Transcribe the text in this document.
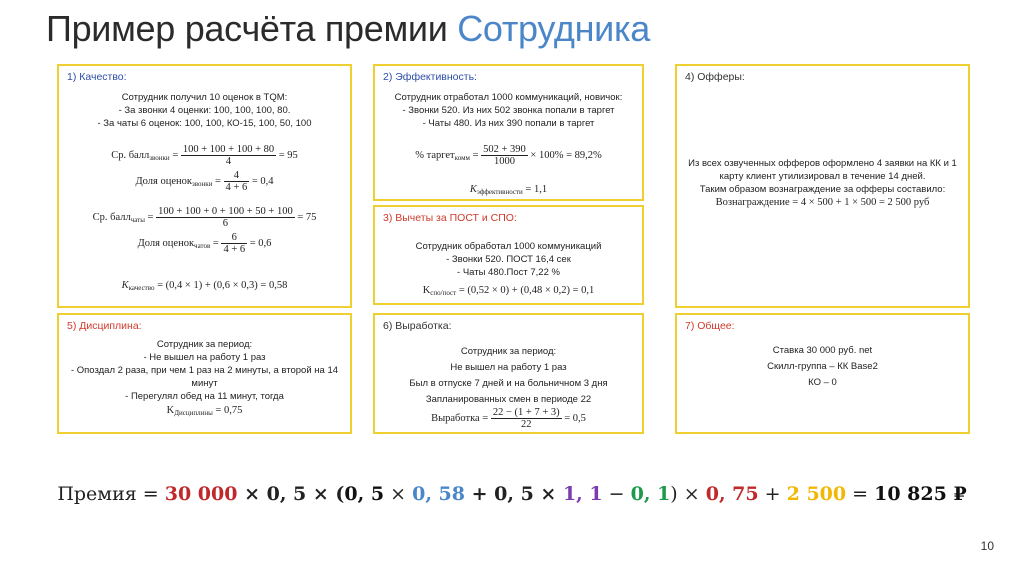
Пример расчёта премии Сотрудника
1) Качество:
Сотрудник получил 10 оценок в TQM:
- За звонки 4 оценки: 100, 100, 100, 80.
- За чаты 6 оценок: 100, 100, КО-15, 100, 50, 100
Ср. балл$_{звонки}$ = $\frac{100 + 100 + 100 + 80}{4} = 95$
Доля оценок$_{звонки}$ = $\frac{4}{4 + 6} = 0,4$
Ср. балл$_{чаты}$ = $\frac{100 + 100 + 0 + 100 + 50 + 100}{6} = 75$
Доля оценок$_{чатов}$ = $\frac{6}{4 + 6} = 0,6$
$K_{качество} = (0,4 \times 1) + (0,6 \times 0,3) = 0,58$
2) Эффективность:
Сотрудник отработал 1000 коммуникаций, новичок:
- Звонки 520. Из них 502 звонка попали в таргет
- Чаты 480. Из них 390 попали в таргет
% таргет$_{комм}$ = $\frac{502 + 390}{1000} \times 100\% = 89,2\%$
$K_{эффективности} = 1,1$
3) Вычеты за ПОСТ и СПО:
Сотрудник обработал 1000 коммуникаций
- Звонки 520. ПОСТ 16,4 сек
- Чаты 480.Пост 7,22 %
$K_{спо/пост} = (0,52 \times 0) + (0,48 \times 0,2) = 0,1$
4) Офферы:
Из всех озвученных офферов оформлено 4 заявки на КК и 1
карту клиент утилизировал в течение 14 дней.
Таким образом вознаграждение за офферы составило:
Вознаграждение = 4 × 500 + 1 × 500 = 2 500 руб
5) Дисциплина:
Сотрудник за период:
- Не вышел на работу 1 раз
- Опоздал 2 раза, при чем 1 раз на 2 минуты, а второй на 14
минут
- Перегулял обед на 11 минут, тогда
$K_{Дисциплины} = 0,75$
6) Выработка:
Сотрудник за период:
Не вышел на работу 1 раз
Был в отпуске 7 дней и на больничном 3 дня
Запланированных смен в периоде 22
Выработка = $\frac{22 - (1 + 7 + 3)}{22} = 0,5$
7) Общее:
Ставка 30 000 руб. net
Скилл-группа – КК Base2
КО – 0
Премия = 30 000 × 0, 5 × (0, 5 × 0, 58 + 0, 5 × 1, 1 − 0, 1) × 0, 75 + 2 500 = 10 825 ₽
10
